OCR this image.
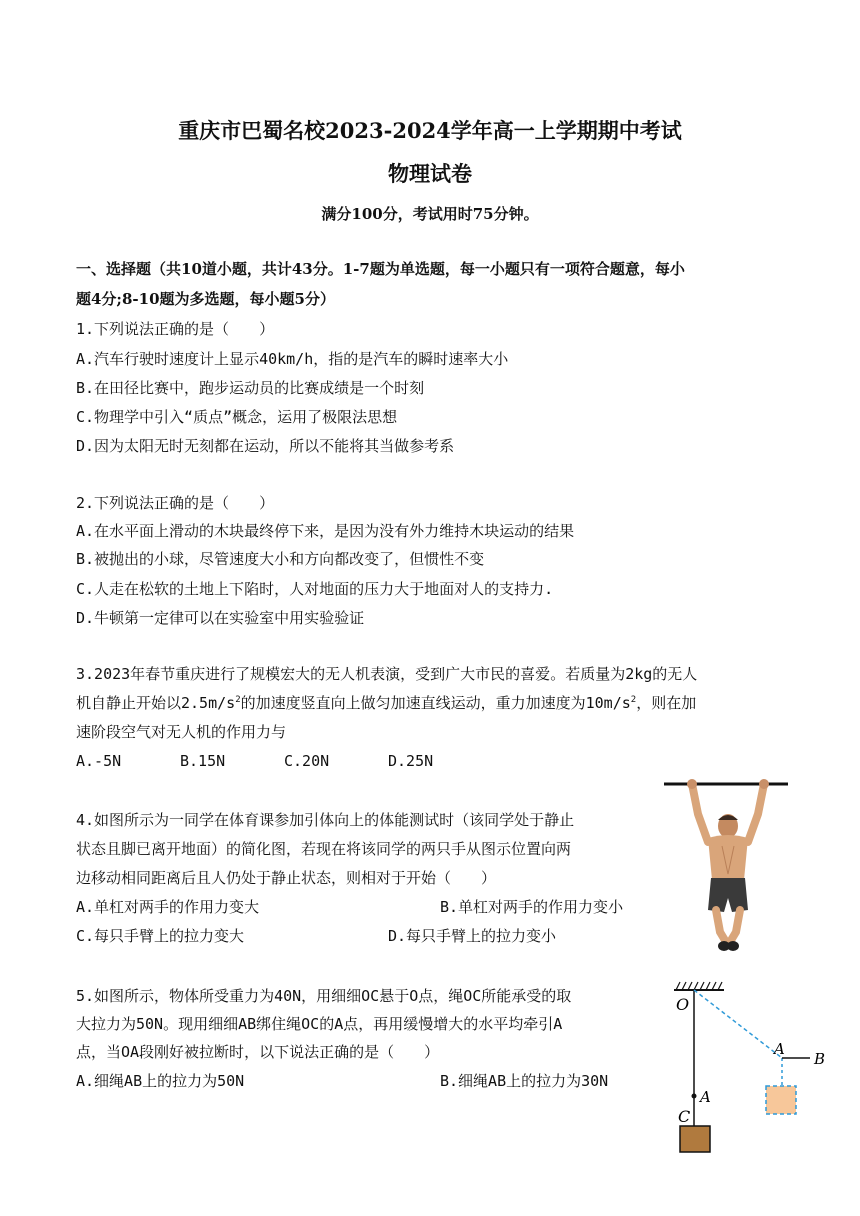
重庆市巴蜀名校2023-2024学年高一上学期期中考试
物理试卷
满分100分，考试用时75分钟。
一、选择题（共10道小题，共计43分。1-7题为单选题，每一小题只有一项符合题意，每小
题4分;8-10题为多选题，每小题5分）
1.下列说法正确的是（　　）
A.汽车行驶时速度计上显示40km/h，指的是汽车的瞬时速率大小
B.在田径比赛中，跑步运动员的比赛成绩是一个时刻
C.物理学中引入“质点”概念，运用了极限法思想
D.因为太阳无时无刻都在运动，所以不能将其当做参考系
2.下列说法正确的是（　　）
A.在水平面上滑动的木块最终停下来，是因为没有外力维持木块运动的结果
B.被抛出的小球，尽管速度大小和方向都改变了，但惯性不变
C.人走在松软的土地上下陷时，人对地面的压力大于地面对人的支持力.
D.牛顿第一定律可以在实验室中用实验验证
3.2023年春节重庆进行了规模宏大的无人机表演，受到广大市民的喜爱。若质量为2kg的无人
机自静止开始以$2.5m/s^2$的加速度竖直向上做匀加速直线运动，重力加速度为$10m/s^2$，则在加
速阶段空气对无人机的作用力与
A.-5N	B.15N	C.20N	D.25N
4.如图所示为一同学在体育课参加引体向上的体能测试时（该同学处于静止
状态且脚已离开地面）的简化图，若现在将该同学的两只手从图示位置向两
边移动相同距离后且人仍处于静止状态，则相对于开始（　　）
A.单杠对两手的作用力变大	B.单杠对两手的作用力变小
C.每只手臂上的拉力变大	D.每只手臂上的拉力变小
5.如图所示，物体所受重力为40N，用细细OC悬于O点，绳OC所能承受的取
大拉力为50N。现用细细AB绑住绳OC的A点，再用缓慢增大的水平均牵引A
点，当OA段刚好被拉断时，以下说法正确的是（　　）
A.细绳AB上的拉力为50N	B.细绳AB上的拉力为30N
O
A
C
A
B
